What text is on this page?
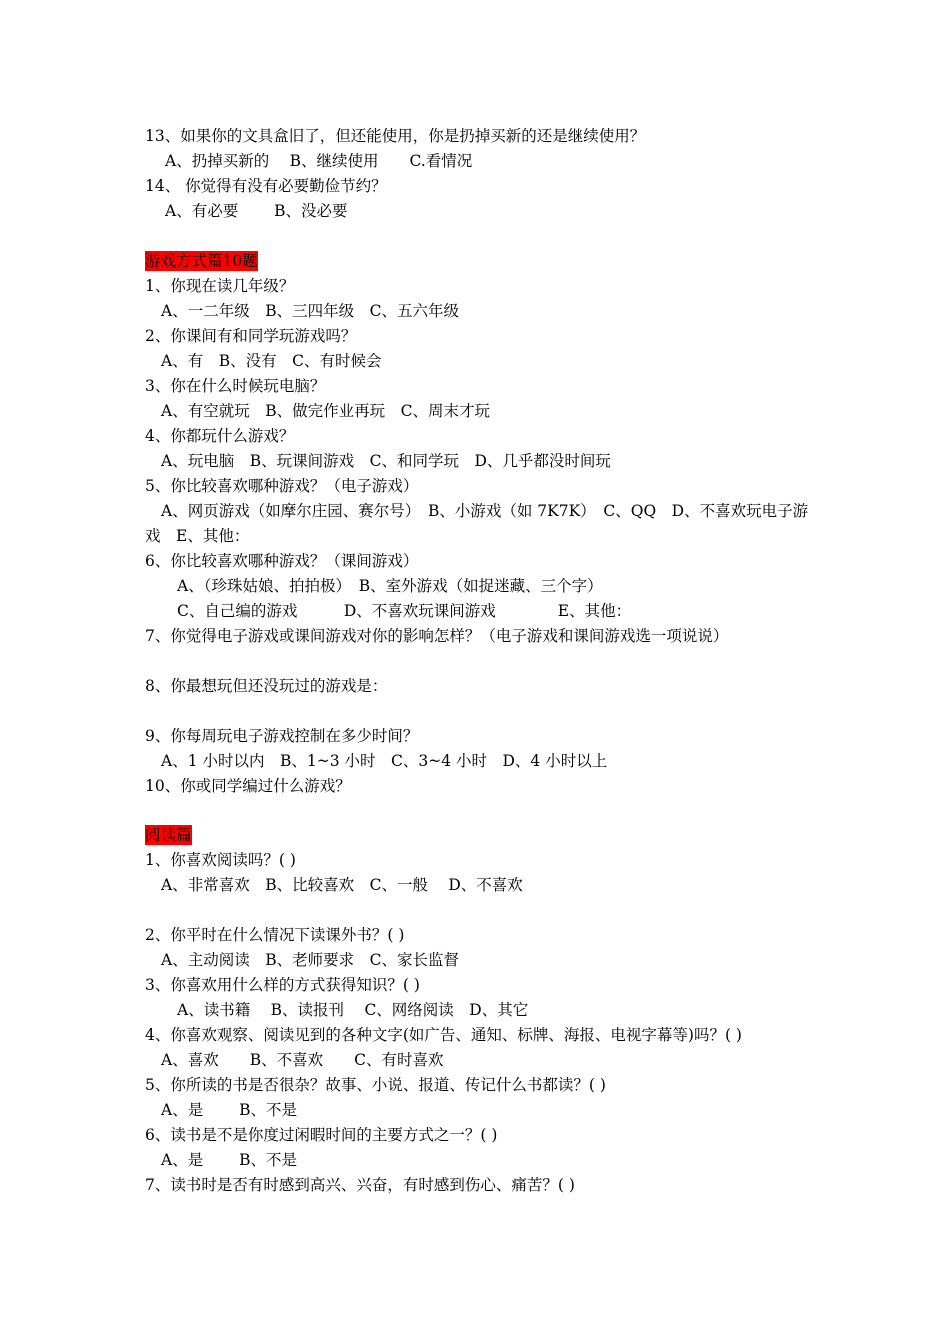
13、如果你的文具盒旧了，但还能使用，你是扔掉买新的还是继续使用？
A、扔掉买新的　 B、继续使用　　C.看情况
14、 你觉得有没有必要勤俭节约？
A、有必要　　 B、没必要
游戏方式篇10题
1、你现在读几年级？
A、一二年级　B、三四年级　C、五六年级
2、你课间有和同学玩游戏吗？
A、有　B、没有　C、有时候会
3、你在什么时候玩电脑？
A、有空就玩　B、做完作业再玩　C、周末才玩
4、你都玩什么游戏？
A、玩电脑　B、玩课间游戏　C、和同学玩　D、几乎都没时间玩
5、你比较喜欢哪种游戏？（电子游戏）
A、网页游戏（如摩尔庄园、赛尔号）　B、小游戏（如 7K7K）　C、QQ　D、不喜欢玩电子游
戏　E、其他：
6、你比较喜欢哪种游戏？（课间游戏）
A、（珍珠姑娘、拍拍极）　B、室外游戏（如捉迷藏、三个字）
C、自己编的游戏　　　D、不喜欢玩课间游戏　　　　E、其他：
7、你觉得电子游戏或课间游戏对你的影响怎样？（电子游戏和课间游戏选一项说说）
8、你最想玩但还没玩过的游戏是：
9、你每周玩电子游戏控制在多少时间？
A、1 小时以内　B、1~3 小时　C、3~4 小时　D、4 小时以上
10、你或同学编过什么游戏？
阅读篇
1、你喜欢阅读吗？( )
A、非常喜欢　B、比较喜欢　C、一般　 D、不喜欢
2、你平时在什么情况下读课外书？( )
A、主动阅读　B、老师要求　C、家长监督
3、你喜欢用什么样的方式获得知识？( )
A、读书籍　 B、读报刊　 C、网络阅读　D、其它
4、你喜欢观察、阅读见到的各种文字(如广告、通知、标牌、海报、电视字幕等)吗？( )
A、喜欢　　B、不喜欢　　C、有时喜欢
5、你所读的书是否很杂？故事、小说、报道、传记什么书都读？( )
A、是　　 B、不是
6、读书是不是你度过闲暇时间的主要方式之一？( )
A、是　　 B、不是
7、读书时是否有时感到高兴、兴奋，有时感到伤心、痛苦？( )
